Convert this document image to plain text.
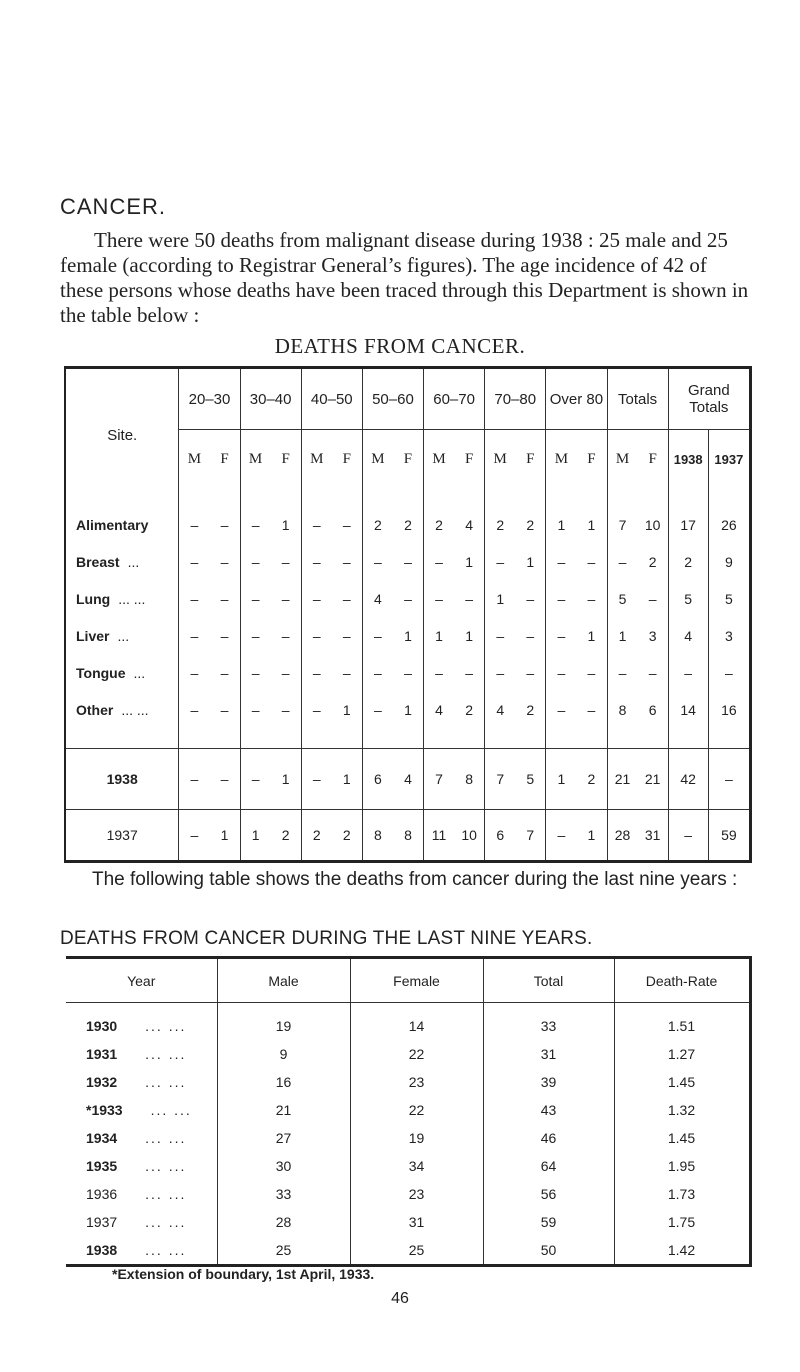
CANCER.
There were 50 deaths from malignant disease during 1938 : 25 male and 25 female (according to Registrar General’s figures). The age incidence of 42 of these persons whose deaths have been traced through this Department is shown in the table below :
DEATHS FROM CANCER.
Site.	20–30		30–40		40–50		50–60		60–70		70–80		Over 80		Totals		Grand Totals	
	M	F	M	F	M	F	M	F	M	F	M	F	M	F	M	F	1938	1937
Alimentary	–	–	–	1	–	–	2	2	2	4	2	2	1	1	7	10	17	26
Breast ...	–	–	–	–	–	–	–	–	–	1	–	1	–	–	–	2	2	9
Lung ... ...	–	–	–	–	–	–	4	–	–	–	1	–	–	–	5	–	5	5
Liver ...	–	–	–	–	–	–	–	1	1	1	–	–	–	1	1	3	4	3
Tongue ...	–	–	–	–	–	–	–	–	–	–	–	–	–	–	–	–	–	–
Other ... ...	–	–	–	–	–	1	–	1	4	2	4	2	–	–	8	6	14	16
1938	–	–	–	1	–	1	6	4	7	8	7	5	1	2	21	21	42	–
1937	–	1	1	2	2	2	8	8	11	10	6	7	–	1	28	31	–	59
The following table shows the deaths from cancer during the last nine years :
DEATHS FROM CANCER DURING THE LAST NINE YEARS.
Year	Male	Female	Total	Death-Rate
1930 ... ...	19	14	33	1.51
1931 ... ...	9	22	31	1.27
1932 ... ...	16	23	39	1.45
*1933 ... ...	21	22	43	1.32
1934 ... ...	27	19	46	1.45
1935 ... ...	30	34	64	1.95
1936 ... ...	33	23	56	1.73
1937 ... ...	28	31	59	1.75
1938 ... ...	25	25	50	1.42
*Extension of boundary, 1st April, 1933.
46
